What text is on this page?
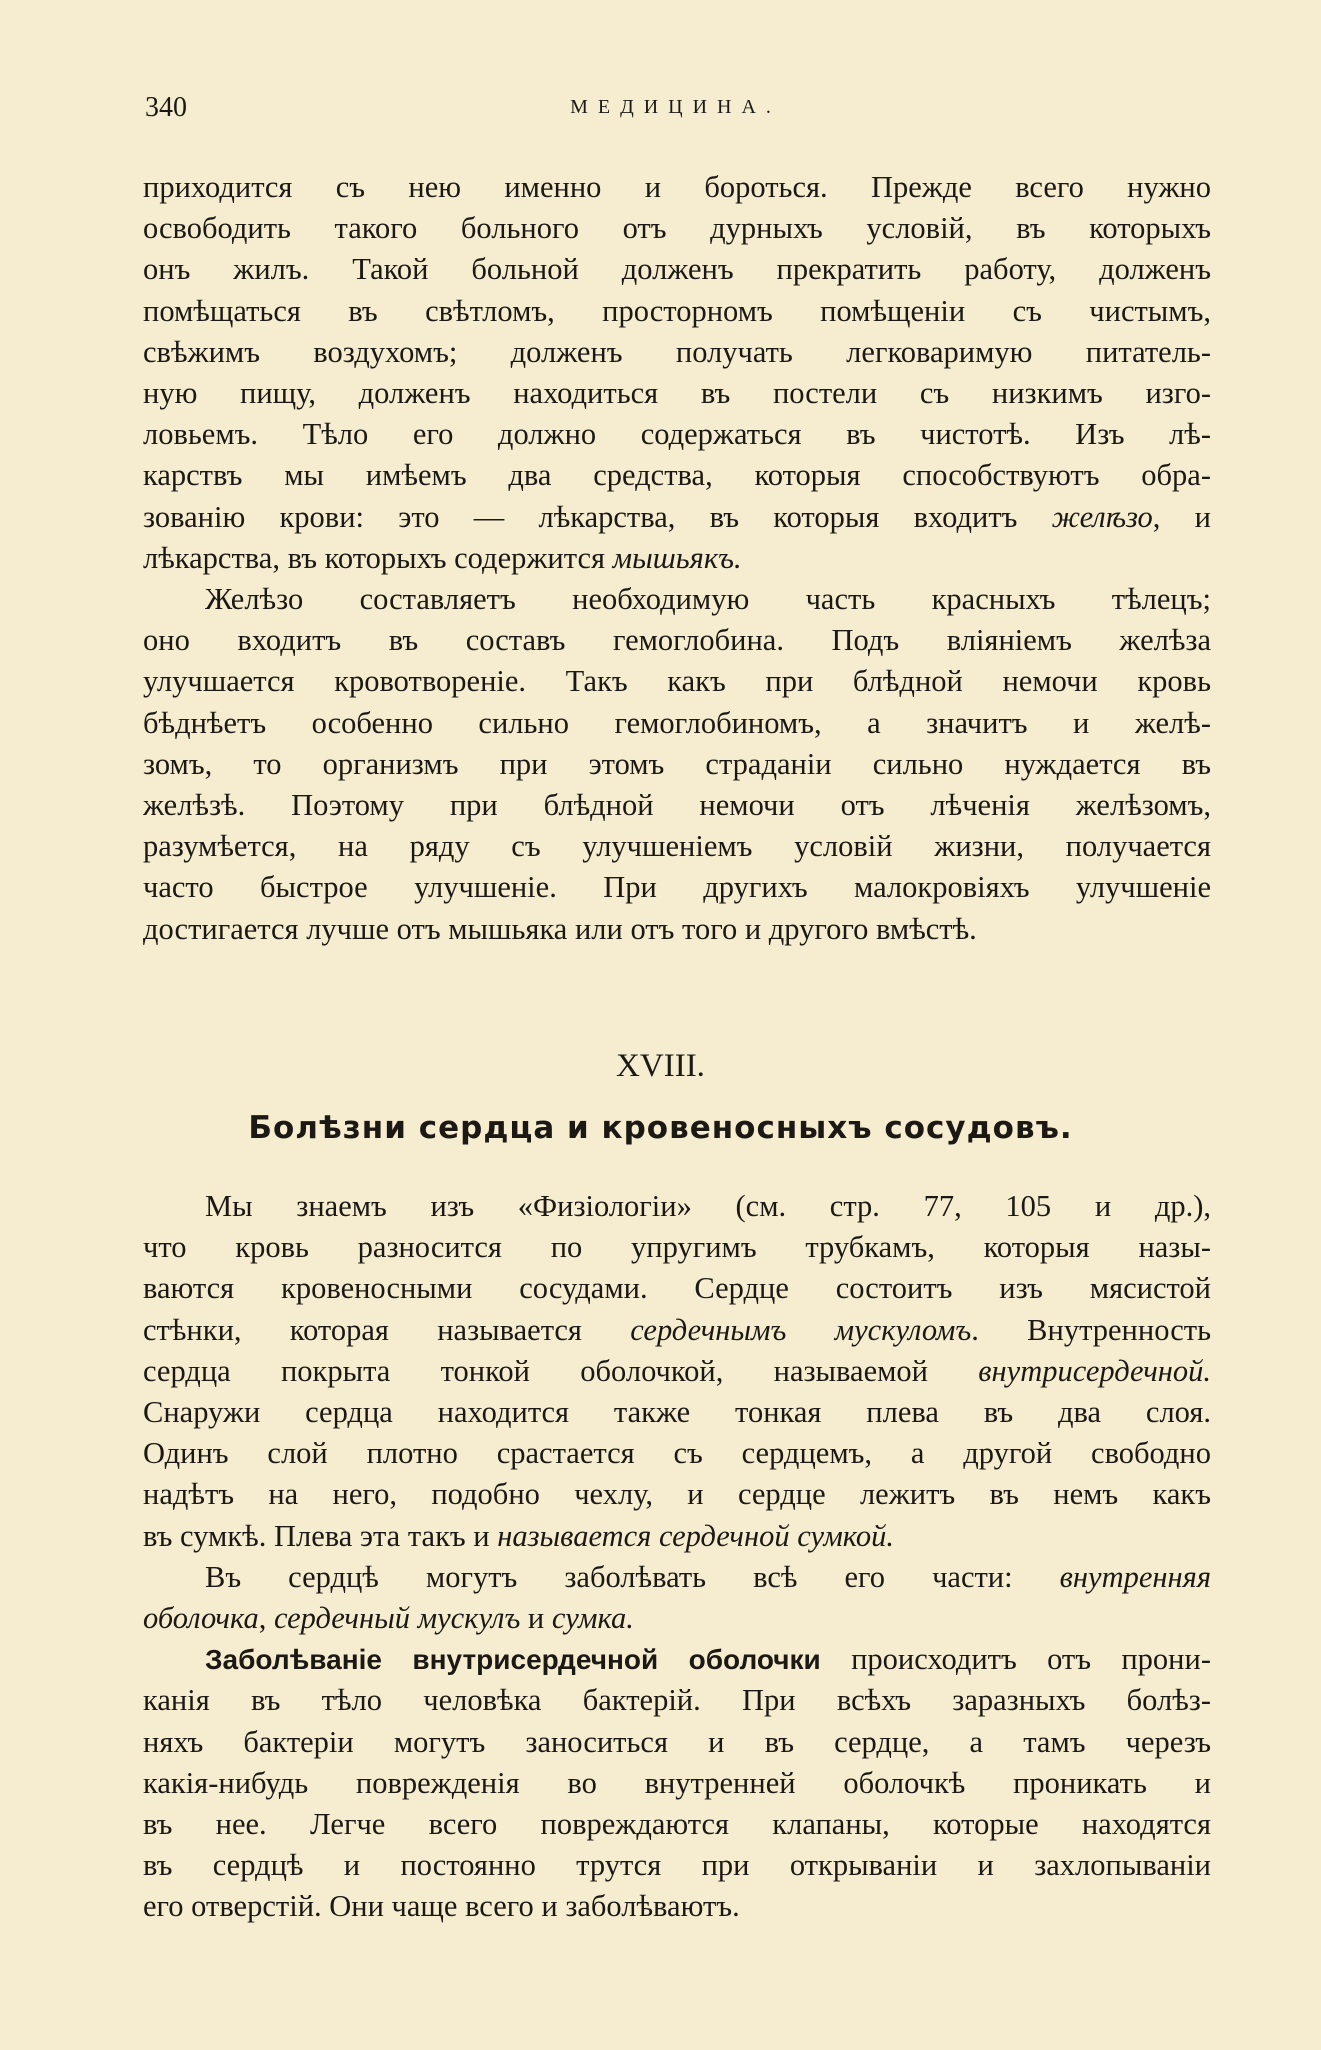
340	МЕДИЦИНА.
приходится съ нею именно и бороться. Прежде всего нужно
освободить такого больного отъ дурныхъ условій, въ которыхъ
онъ жилъ. Такой больной долженъ прекратить работу, долженъ
помѣщаться въ свѣтломъ, просторномъ помѣщеніи съ чистымъ,
свѣжимъ воздухомъ; долженъ получать легковаримую питатель-
ную пищу, долженъ находиться въ постели съ низкимъ изго-
ловьемъ. Тѣло его должно содержаться въ чистотѣ. Изъ лѣ-
карствъ мы имѣемъ два средства, которыя способствуютъ обра-
зованію крови: это — лѣкарства, въ которыя входитъ желѣзо, и
лѣкарства, въ которыхъ содержится мышьякъ.
Желѣзо составляетъ необходимую часть красныхъ тѣлецъ;
оно входитъ въ составъ гемоглобина. Подъ вліяніемъ желѣза
улучшается кровотвореніе. Такъ какъ при блѣдной немочи кровь
бѣднѣетъ особенно сильно гемоглобиномъ, а значитъ и желѣ-
зомъ, то организмъ при этомъ страданіи сильно нуждается въ
желѣзѣ. Поэтому при блѣдной немочи отъ лѣченія желѣзомъ,
разумѣется, на ряду съ улучшеніемъ условій жизни, получается
часто быстрое улучшеніе. При другихъ малокровіяхъ улучшеніе
достигается лучше отъ мышьяка или отъ того и другого вмѣстѣ.
XVIII.
Болѣзни сердца и кровеносныхъ сосудовъ.
Мы знаемъ изъ «Физіологіи» (см. стр. 77, 105 и др.),
что кровь разносится по упругимъ трубкамъ, которыя назы-
ваются кровеносными сосудами. Сердце состоитъ изъ мясистой
стѣнки, которая называется сердечнымъ мускуломъ. Внутренность
сердца покрыта тонкой оболочкой, называемой внутрисердечной.
Снаружи сердца находится также тонкая плева въ два слоя.
Одинъ слой плотно срастается съ сердцемъ, а другой свободно
надѣтъ на него, подобно чехлу, и сердце лежитъ въ немъ какъ
въ сумкѣ. Плева эта такъ и называется сердечной сумкой.
Въ сердцѣ могутъ заболѣвать всѣ его части: внутренняя
оболочка, сердечный мускулъ и сумка.
Заболѣваніе внутрисердечной оболочки происходитъ отъ прони-
канія въ тѣло человѣка бактерій. При всѣхъ заразныхъ болѣз-
няхъ бактеріи могутъ заноситься и въ сердце, а тамъ черезъ
какія-нибудь поврежденія во внутренней оболочкѣ проникать и
въ нее. Легче всего повреждаются клапаны, которые находятся
въ сердцѣ и постоянно трутся при открываніи и захлопываніи
его отверстій. Они чаще всего и заболѣваютъ.
